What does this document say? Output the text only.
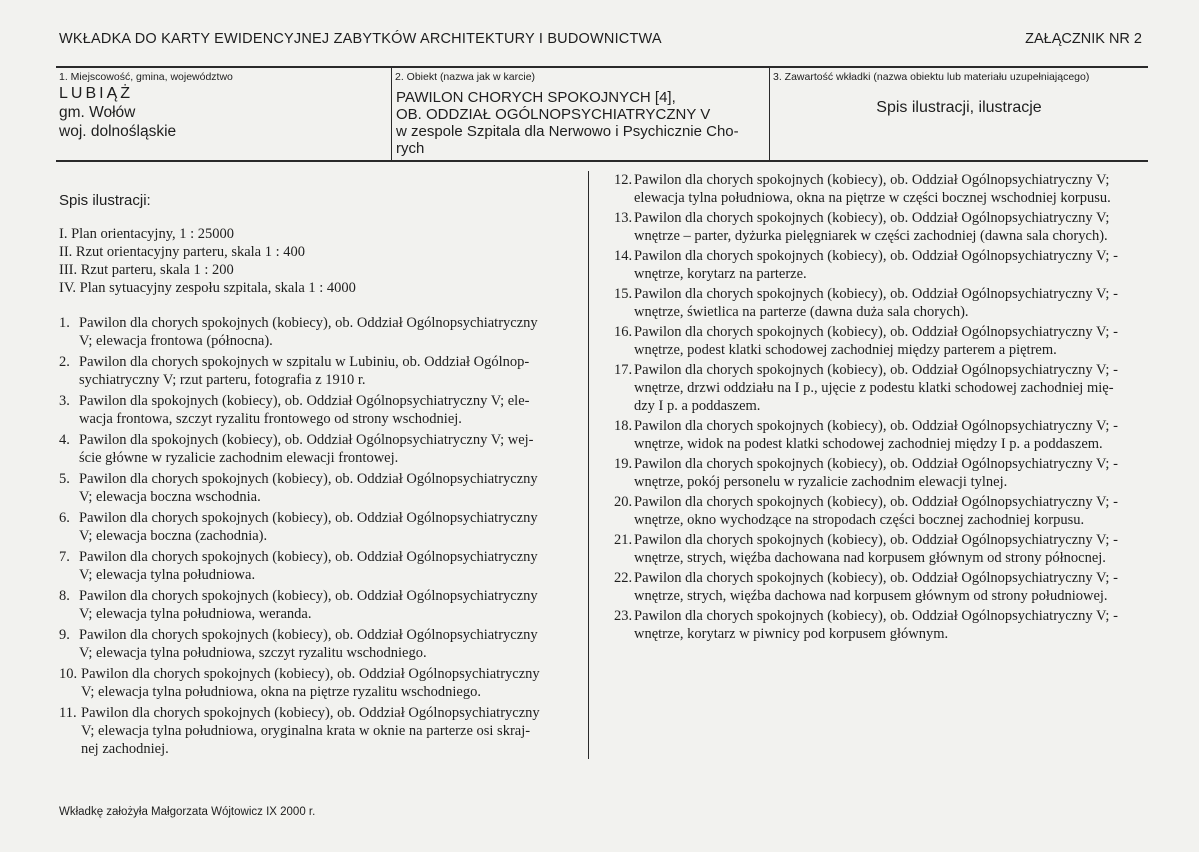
WKŁADKA DO KARTY EWIDENCYJNEJ ZABYTKÓW ARCHITEKTURY I BUDOWNICTWA	ZAŁĄCZNIK NR 2
1. Miejscowość, gmina, województwo
LUBIĄŻ
gm. Wołów
woj. dolnośląskie
2. Obiekt (nazwa jak w karcie)
PAWILON CHORYCH SPOKOJNYCH [4],
OB. ODDZIAŁ OGÓLNOPSYCHIATRYCZNY V
w zespole Szpitala dla Nerwowo i Psychicznie Cho-
rych
3. Zawartość wkładki (nazwa obiektu lub materiału uzupełniającego)
Spis ilustracji, ilustracje
Spis ilustracji:
I. Plan orientacyjny, 1 : 25000
II. Rzut orientacyjny parteru, skala 1 : 400
III. Rzut parteru, skala 1 : 200
IV. Plan sytuacyjny zespołu szpitala, skala 1 : 4000
1. Pawilon dla chorych spokojnych (kobiecy), ob. Oddział Ogólnopsychiatryczny
V; elewacja frontowa (północna).
2. Pawilon dla chorych spokojnych w szpitalu w Lubiniu, ob. Oddział Ogólnop-
sychiatryczny V; rzut parteru, fotografia z 1910 r.
3. Pawilon dla spokojnych (kobiecy), ob. Oddział Ogólnopsychiatryczny V; ele-
wacja frontowa, szczyt ryzalitu frontowego od strony wschodniej.
4. Pawilon dla spokojnych (kobiecy), ob. Oddział Ogólnopsychiatryczny V; wej-
ście główne w ryzalicie zachodnim elewacji frontowej.
5. Pawilon dla chorych spokojnych (kobiecy), ob. Oddział Ogólnopsychiatryczny
V; elewacja boczna wschodnia.
6. Pawilon dla chorych spokojnych (kobiecy), ob. Oddział Ogólnopsychiatryczny
V; elewacja boczna (zachodnia).
7. Pawilon dla chorych spokojnych (kobiecy), ob. Oddział Ogólnopsychiatryczny
V; elewacja tylna południowa.
8. Pawilon dla chorych spokojnych (kobiecy), ob. Oddział Ogólnopsychiatryczny
V; elewacja tylna południowa, weranda.
9. Pawilon dla chorych spokojnych (kobiecy), ob. Oddział Ogólnopsychiatryczny
V; elewacja tylna południowa, szczyt ryzalitu wschodniego.
10. Pawilon dla chorych spokojnych (kobiecy), ob. Oddział Ogólnopsychiatryczny
V; elewacja tylna południowa, okna na piętrze ryzalitu wschodniego.
11. Pawilon dla chorych spokojnych (kobiecy), ob. Oddział Ogólnopsychiatryczny
V; elewacja tylna południowa, oryginalna krata w oknie na parterze osi skraj-
nej zachodniej.
12. Pawilon dla chorych spokojnych (kobiecy), ob. Oddział Ogólnopsychiatryczny V;
elewacja tylna południowa, okna na piętrze w części bocznej wschodniej korpusu.
13. Pawilon dla chorych spokojnych (kobiecy), ob. Oddział Ogólnopsychiatryczny V;
wnętrze – parter, dyżurka pielęgniarek w części zachodniej (dawna sala chorych).
14. Pawilon dla chorych spokojnych (kobiecy), ob. Oddział Ogólnopsychiatryczny V; -
wnętrze, korytarz na parterze.
15. Pawilon dla chorych spokojnych (kobiecy), ob. Oddział Ogólnopsychiatryczny V; -
wnętrze, świetlica na parterze (dawna duża sala chorych).
16. Pawilon dla chorych spokojnych (kobiecy), ob. Oddział Ogólnopsychiatryczny V; -
wnętrze, podest klatki schodowej zachodniej między parterem a piętrem.
17. Pawilon dla chorych spokojnych (kobiecy), ob. Oddział Ogólnopsychiatryczny V; -
wnętrze, drzwi oddziału na I p., ujęcie z podestu klatki schodowej zachodniej mię-
dzy I p. a poddaszem.
18. Pawilon dla chorych spokojnych (kobiecy), ob. Oddział Ogólnopsychiatryczny V; -
wnętrze, widok na podest klatki schodowej zachodniej między I p. a poddaszem.
19. Pawilon dla chorych spokojnych (kobiecy), ob. Oddział Ogólnopsychiatryczny V; -
wnętrze, pokój personelu w ryzalicie zachodnim elewacji tylnej.
20. Pawilon dla chorych spokojnych (kobiecy), ob. Oddział Ogólnopsychiatryczny V; -
wnętrze, okno wychodzące na stropodach części bocznej zachodniej korpusu.
21. Pawilon dla chorych spokojnych (kobiecy), ob. Oddział Ogólnopsychiatryczny V; -
wnętrze, strych, więźba dachowana nad korpusem głównym od strony północnej.
22. Pawilon dla chorych spokojnych (kobiecy), ob. Oddział Ogólnopsychiatryczny V; -
wnętrze, strych, więźba dachowa nad korpusem głównym od strony południowej.
23. Pawilon dla chorych spokojnych (kobiecy), ob. Oddział Ogólnopsychiatryczny V; -
wnętrze, korytarz w piwnicy pod korpusem głównym.
Wkładkę założyła Małgorzata Wójtowicz IX 2000 r.
